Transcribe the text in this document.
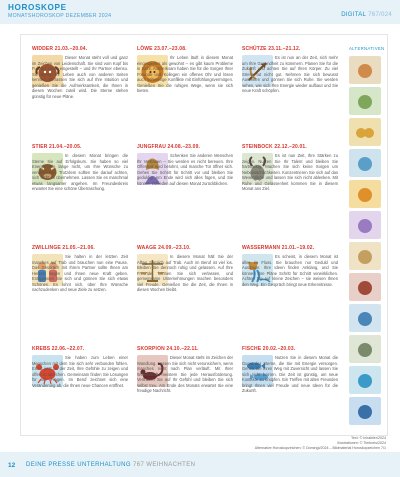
HOROSKOPE
MONATSHOROSKOP DEZEMBER 2024	DIGITAL 767/024
WIDDER 21.03.–20.04.
Dieser Monat steht voll und ganz im Zeichen von Leidenschaft. Sie sind vom Kopf bis Fuß auf Liebe eingestellt – und Ihr Partner ebenso. Sie lernen Ihr Leben auch von anderen Seiten kennen. Verlassen Sie sich auf Ihre Intuition und genießen Sie die Aufmerksamkeit, die Ihnen in diesen Wochen zuteil wird. Die Sterne stehen günstig für neue Pläne.
STIER 21.04.–20.05.
In diesem Monat bringen die Sterne Sie auf Erfolgskurs. Sie haben so viel Energie wie lange nicht, um Ihre Wünsche zu verwirklichen. Trotzdem sollten Sie darauf achten, sich nicht zu übernehmen. Lassen Sie es manchmal etwas langsamer angehen. Im Freundeskreis erwartet Sie eine schöne Überraschung.
ZWILLINGE 21.05.–21.06.
Sie halten in der letzten Zeit manches auf Trab und brauchen nun eine Pause. Das Gespräch mit Ihrem Partner sollte Ihnen am Herzen liegen und Ihnen neue Kraft geben. Entspannen Sie sich und gönnen Sie sich etwas Schönes. Es lohnt sich, über Ihre Wünsche nachzudenken und neue Ziele zu setzen.
KREBS 22.06.–22.07.
Sie haben zum Leben einer Menschen mit dem Sie sich sehr verbunden fühlen. Es ist jetzt an der Zeit, Ihre Gefühle zu zeigen und offen zu sprechen. Gemeinsam finden Sie Lösungen für alle Fragen. Im Beruf zeichnet sich eine Veränderung ab, die Ihnen neue Chancen eröffnet.
LÖWE 23.07.–23.08.
Ihr Leben läuft in diesem Monat eingespielter als gewohnt – es gibt kaum Probleme in Sicht. Aufmerksam haben Sie für die Sorgen Ihrer Freunde und Kollegen ein offenes Ohr und lösen auch schwierige Konflikte mit Einfühlungsvermögen. Genießen Sie die ruhigen Wege, wenn sie sich bieten.
JUNGFRAU 24.08.–23.09.
Schenken Sie anderen Menschen Ihr Vertrauen – Sie werden es nicht bereuen. Ihre Offenheit wird belohnt, und manche Tür öffnet sich. Gehen Sie Schritt für Schritt vor und bleiben Sie geduldig. Am Ende wird sich alles fügen, und Sie können zufrieden auf diesen Monat zurückblicken.
WAAGE 24.09.–23.10.
In diesem Monat hält Sie der Alltag ziemlich auf Trab. Auch im Beruf ist viel los. Bleiben Sie dennoch ruhig und gelassen. Auf Ihre Freunde können Sie sich verlassen, und gemeinsame Unternehmungen machen besonders viel Freude. Genießen Sie die Zeit, die Ihnen in diesen Wochen bleibt.
SKORPION 24.10.–22.11.
Dieser Monat steht im Zeichen der Wandlung. Lassen Sie sich nicht verunsichern, wenn manches nicht nach Plan verläuft. Mit Ihrer Willenskraft meistern Sie jede Herausforderung. Vertrauen Sie auf Ihr Gefühl und bleiben Sie sich selbst treu. Am Ende des Monats erwartet Sie eine freudige Nachricht.
SCHÜTZE 23.11.–21.12.
Es ist nun an der Zeit, sich mehr um Ihre Gesundheit zu kümmern. Planen Sie für die Zukunft und achten Sie auf Ihren Körper. Zu viel Stress tut nicht gut. Nehmen Sie sich bewusst Auszeiten und gönnen Sie sich Ruhe. Sie werden sehen, wie sich Ihre Energie wieder aufbaut und Sie neue Kraft schöpfen.
STEINBOCK 22.12.–20.01.
Es ist nun Zeit, Ihre Stärken zu zeigen. Nutzen Sie Ihr Talent und bleiben Sie hartnäckig. Machen Sie sich keine Sorgen um Nebensächlichkeiten. Konzentrieren Sie sich auf das Wesentliche und lassen Sie sich nicht ablenken. Mit Ruhe und Gelassenheit kommen Sie in diesem Monat ans Ziel.
WASSERMANN 21.01.–19.02.
Es scheint, in diesem Monat ist alles im Fluss. Sie brauchen nur Geduld und Ausdauer. Ihre Ideen finden Anklang, und Sie können Ihre Pläne Schritt für Schritt verwirklichen. Achten Sie auf kleine Zeichen – sie weisen Ihnen den Weg. Ein Gespräch bringt neue Erkenntnisse.
FISCHE 20.02.–20.03.
Nutzen Sie in diesem Monat die Gunst der Sterne, die Sie mit Energie versorgen. Gehen Sie Ihren Weg mit Zuversicht und lassen Sie sich nicht beirren. Die Zeit ist günstig, um neue Kontakte zu knüpfen. Ein Treffen mit alten Freunden bringt Ihnen viel Freude und neue Ideen für die Zukunft.
ALTERNATIVEN
Text: © Inhabiler/2024
Illustrationen: © Tierkreis/2024
Alternative Horoskopzeichen: © DomingI/2024 – Bildmaterial Horoskopzeichen 7/1
12 DEINE PRESSE UNTERHALTUNG 767 WEIHNACHTEN
